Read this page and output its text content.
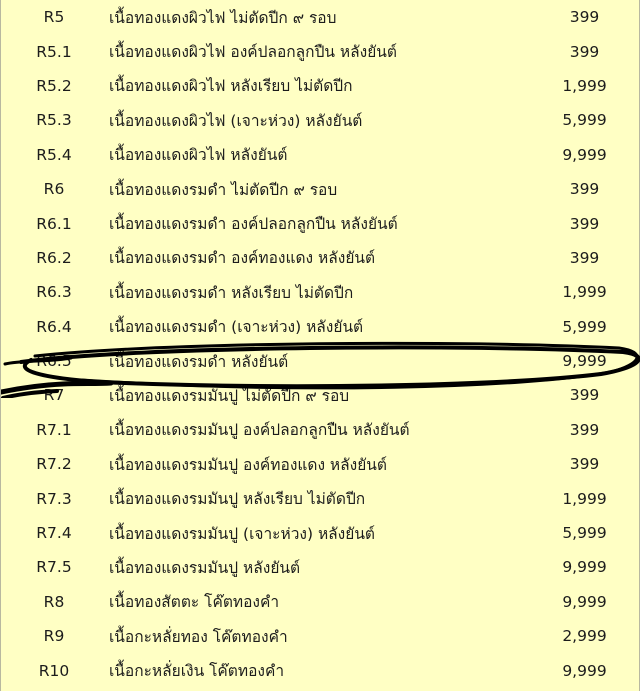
R5	เนื้อทองแดงผิวไฟ ไม่ตัดปีก ๙ รอบ	399
R5.1	เนื้อทองแดงผิวไฟ องค์ปลอกลูกปืน หลังยันต์	399
R5.2	เนื้อทองแดงผิวไฟ หลังเรียบ ไม่ตัดปีก	1,999
R5.3	เนื้อทองแดงผิวไฟ (เจาะห่วง) หลังยันต์	5,999
R5.4	เนื้อทองแดงผิวไฟ หลังยันต์	9,999
R6	เนื้อทองแดงรมดำ ไม่ตัดปีก ๙ รอบ	399
R6.1	เนื้อทองแดงรมดำ องค์ปลอกลูกปืน หลังยันต์	399
R6.2	เนื้อทองแดงรมดำ องค์ทองแดง หลังยันต์	399
R6.3	เนื้อทองแดงรมดำ หลังเรียบ ไม่ตัดปีก	1,999
R6.4	เนื้อทองแดงรมดำ (เจาะห่วง) หลังยันต์	5,999
R6.5	เนื้อทองแดงรมดำ หลังยันต์	9,999
R7	เนื้อทองแดงรมมันปู ไม่ตัดปีก ๙ รอบ	399
R7.1	เนื้อทองแดงรมมันปู องค์ปลอกลูกปืน หลังยันต์	399
R7.2	เนื้อทองแดงรมมันปู องค์ทองแดง หลังยันต์	399
R7.3	เนื้อทองแดงรมมันปู หลังเรียบ ไม่ตัดปีก	1,999
R7.4	เนื้อทองแดงรมมันปู (เจาะห่วง) หลังยันต์	5,999
R7.5	เนื้อทองแดงรมมันปู หลังยันต์	9,999
R8	เนื้อทองสัตตะ โค๊ตทองคำ	9,999
R9	เนื้อกะหลั่ยทอง โค๊ตทองคำ	2,999
R10	เนื้อกะหลั่ยเงิน โค๊ตทองคำ	9,999
